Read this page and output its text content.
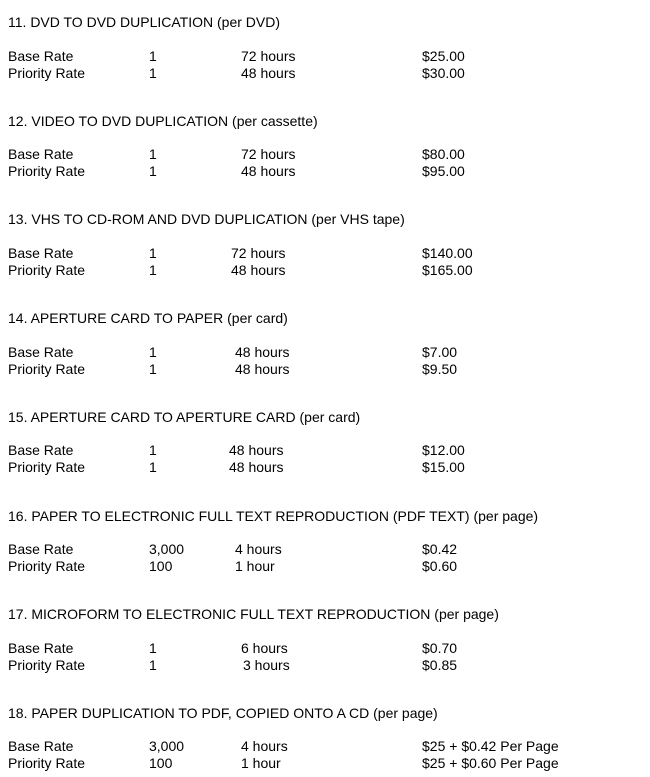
11. DVD TO DVD DUPLICATION (per DVD)
Base Rate	1	72 hours	$25.00
Priority Rate	1	48 hours	$30.00
12. VIDEO TO DVD DUPLICATION (per cassette)
Base Rate	1	72 hours	$80.00
Priority Rate	1	48 hours	$95.00
13. VHS TO CD-ROM AND DVD DUPLICATION (per VHS tape)
Base Rate	1	72 hours	$140.00
Priority Rate	1	48 hours	$165.00
14. APERTURE CARD TO PAPER (per card)
Base Rate	1	48 hours	$7.00
Priority Rate	1	48 hours	$9.50
15. APERTURE CARD TO APERTURE CARD (per card)
Base Rate	1	48 hours	$12.00
Priority Rate	1	48 hours	$15.00
16. PAPER TO ELECTRONIC FULL TEXT REPRODUCTION (PDF TEXT) (per page)
Base Rate	3,000	4 hours	$0.42
Priority Rate	100	1 hour	$0.60
17. MICROFORM TO ELECTRONIC FULL TEXT REPRODUCTION (per page)
Base Rate	1	6 hours	$0.70
Priority Rate	1	3 hours	$0.85
18. PAPER DUPLICATION TO PDF, COPIED ONTO A CD (per page)
Base Rate	3,000	4 hours	$25 + $0.42 Per Page
Priority Rate	100	1 hour	$25 + $0.60 Per Page
